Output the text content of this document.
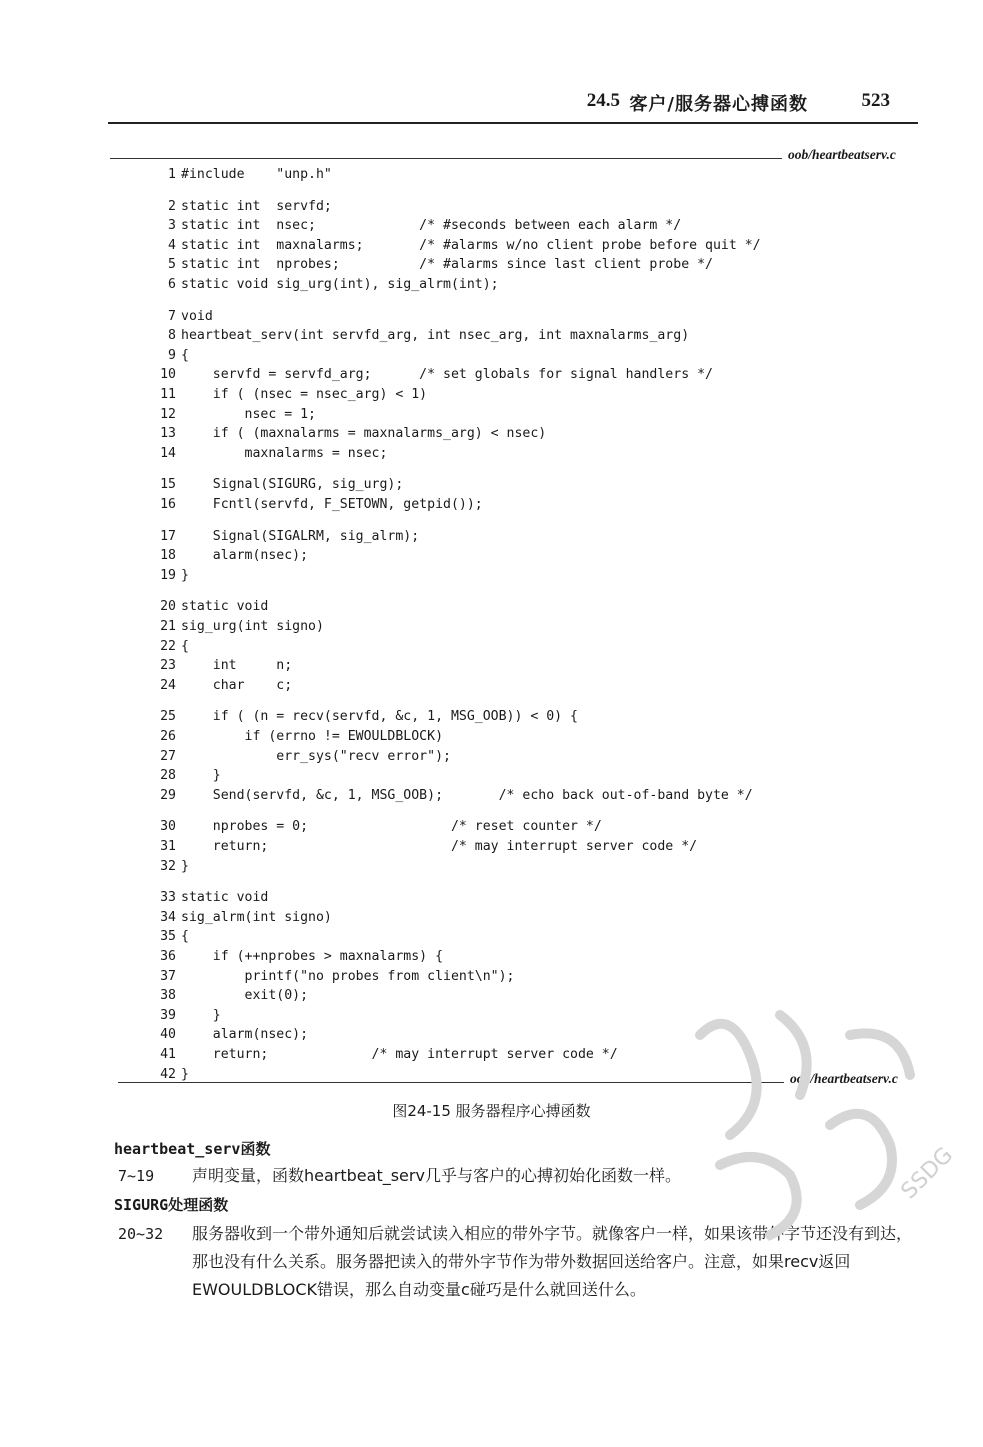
24.5 客户/服务器心搏函数	523
oob/heartbeatserv.c
1 #include    "unp.h"
2 static int  servfd;
3 static int  nsec;             /* #seconds between each alarm */
4 static int  maxnalarms;       /* #alarms w/no client probe before quit */
5 static int  nprobes;          /* #alarms since last client probe */
6 static void sig_urg(int), sig_alrm(int);
7 void
8 heartbeat_serv(int servfd_arg, int nsec_arg, int maxnalarms_arg)
9 {
10    servfd = servfd_arg;      /* set globals for signal handlers */
11    if ( (nsec = nsec_arg) < 1)
12        nsec = 1;
13    if ( (maxnalarms = maxnalarms_arg) < nsec)
14        maxnalarms = nsec;
15    Signal(SIGURG, sig_urg);
16    Fcntl(servfd, F_SETOWN, getpid());
17    Signal(SIGALRM, sig_alrm);
18    alarm(nsec);
19 }
20 static void
21 sig_urg(int signo)
22 {
23    int     n;
24    char    c;
25    if ( (n = recv(servfd, &c, 1, MSG_OOB)) < 0) {
26        if (errno != EWOULDBLOCK)
27            err_sys("recv error");
28    }
29    Send(servfd, &c, 1, MSG_OOB);       /* echo back out-of-band byte */
30    nprobes = 0;                  /* reset counter */
31    return;                       /* may interrupt server code */
32 }
33 static void
34 sig_alrm(int signo)
35 {
36    if (++nprobes > maxnalarms) {
37        printf("no probes from client\n");
38        exit(0);
39    }
40    alarm(nsec);
41    return;             /* may interrupt server code */
42 }	oob/heartbeatserv.c
图24-15 服务器程序心搏函数
heartbeat_serv函数
7~19 声明变量，函数heartbeat_serv几乎与客户的心搏初始化函数一样。
SIGURG处理函数
20~32 服务器收到一个带外通知后就尝试读入相应的带外字节。就像客户一样，如果该带外字节还没有到达，那也没有什么关系。服务器把读入的带外字节作为带外数据回送给客户。注意，如果recv返回EWOULDBLOCK错误，那么自动变量c碰巧是什么就回送什么。
SSDG
